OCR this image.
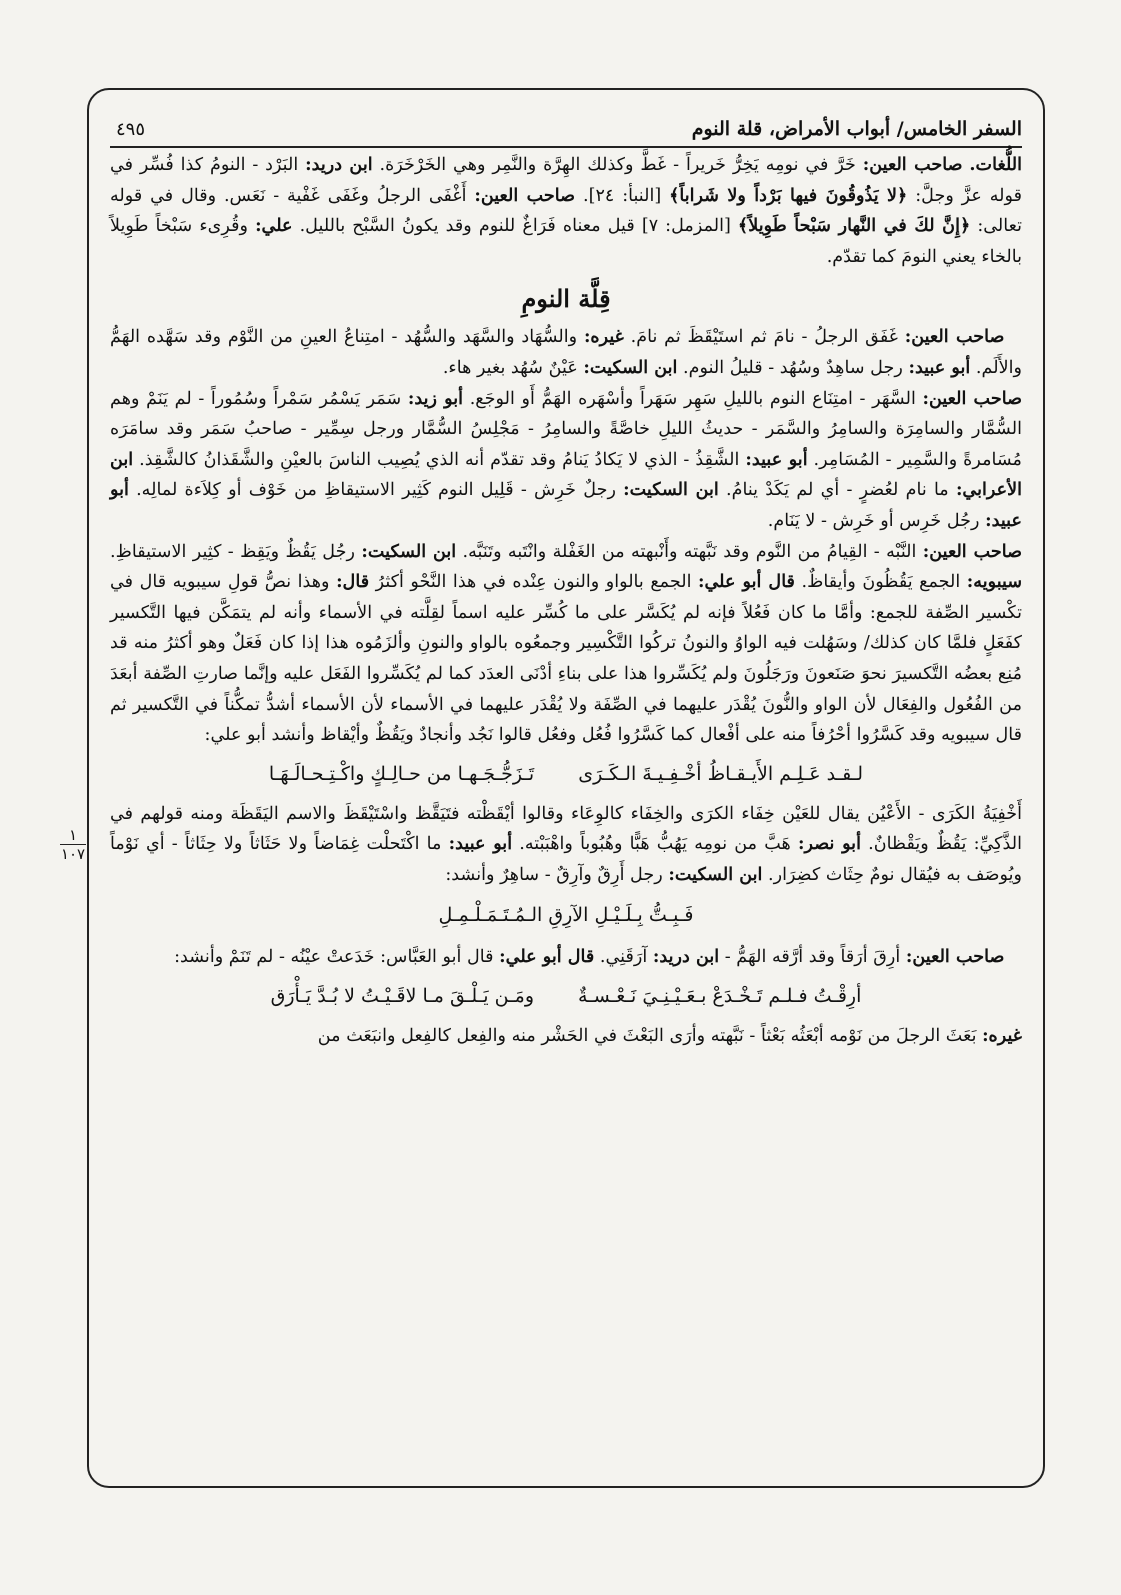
السفر الخامس/ أبواب الأمراض، قلة النوم
٤٩٥

اللُّغات. صاحب العين: خَرَّ في نومِه يَخِرُّ خَريراً - غَطَّ وكذلك الهِرَّة والنَّمِر وهي الخَرْخَرَة. ابن دريد: البَرْد - النومُ كذا فُسِّر في قوله عزَّ وجلَّ: ﴿لا يَذُوقُونَ فيها بَرْداً ولا شَراباً﴾ [النبأ: ٢٤]. صاحب العين: أَغْفَى الرجلُ وغَفَى غَفْية - نَعَس. وقال في قوله تعالى: ﴿إِنَّ لكَ في النَّهار سَبْحاً طَوِيلاً﴾ [المزمل: ٧] قيل معناه فَرَاغٌ للنوم وقد يكونُ السَّبْح بالليل. علي: وقُرِىء سَبْخاً طَوِيلاً بالخاء يعني النومَ كما تقدّم.

قِلَّة النومِ

 صاحب العين: غَفَق الرجلُ - نامَ ثم استَيْقَظَ ثم نامَ. غيره: والسُّهَاد والسَّهَد والسُّهُد - امتِناعُ العينِ من النَّوْم وقد سَهَّده الهَمُّ والأَلَم. أبو عبيد: رجل ساهِدٌ وسُهُد - قليلُ النوم. ابن السكيت: عَيْنٌ سُهُد بغير هاء.

صاحب العين: السَّهَر - امتِنَاع النوم بالليلِ سَهِر سَهَراً وأسْهَره الهَمُّ أَو الوجَع. أبو زيد: سَمَر يَسْمُر سَمْراً وسُمُوراً - لم يَنَمْ وهم السُّمَّار والسامِرَة والسامِرُ والسَّمَر - حديثُ الليلِ خاصَّةً والسامِرُ - مَجْلِسُ السُّمَّار ورجل سِمِّير - صاحبُ سَمَر وقد سامَرَه مُسَامرةً والسَّمِير - المُسَامِر. أبو عبيد: الشَّقِذُ - الذي لا يَكادُ يَنامُ وقد تقدّم أنه الذي يُصِيب الناسَ بالعيْنِ والشَّقَذانُ كالشَّقِذ. ابن الأعرابي: ما نام لعُضرٍ - أي لم يَكَدْ ينامُ. ابن السكيت: رجلٌ خَرِش - قَلِيل النوم كَثِير الاستيقاظِ من خَوْف أو كِلاَءة لمالِه. أبو عبيد: رجُل خَرِس أو خَرِش - لا يَنَام.

صاحب العين: النَّبْه - القِيامُ من النَّوم وقد نَبَّهته وأَنْبهته من الغَفْلة وانْتَبه وتَنَبَّه. ابن السكيت: رجُل يَقُظٌ ويَقِظ - كثِير الاستيقاظِ. سيبويه: الجمع يَقُظُونَ وأيقاظٌ. قال أبو علي: الجمع بالواو والنون عِنْده في هذا النَّحْو أكثرُ قال: وهذا نصُّ قولِ سيبويه قال في تكْسير الصِّفة للجمع: وأمَّا ما كان فَعُلاً فإنه لم يُكَسَّر على ما كُسِّر عليه اسماً لقِلَّته في الأسماء وأنه لم يتمَكَّن فيها التَّكسير كفَعَلٍ فلمَّا كان كذلك/ وسَهُلت فيه الواوُ والنونُ تركُوا التَّكْسِير وجمعُوه بالواو والنونِ وألزَمُوه هذا إذا كان فَعَلٌ وهو أكثرُ منه قد مُنِع بعضُه التَّكسيرَ نحوَ صَنَعونَ ورَجَلُونَ ولم يُكَسِّروا هذا على بناءِ أدْنَى العدَد كما لم يُكَسِّروا الفَعَل عليه وإنَّما صارتِ الصِّفة أبعَدَ من الفُعُول والفِعَال لأن الواو والنُّونَ يُقْدَر عليهما في الصِّفَة ولا يُقْدَر عليهما في الأسماء لأن الأسماء أشدُّ تمكُّناً في التَّكسير ثم قال سيبويه وقد كَسَّرُوا أحْرُفاً منه على أفْعال كما كَسَّرُوا فُعُل وفعُل قالوا نَجُد وأنجادٌ ويَقُظٌ وأيْقاظ وأنشد أبو علي:

لـقـد عَـلِـم الأَيـقـاظُ أخْـفِـيـةَ الـكَـرَى
تَـزَجُّـجَـهـا من حـالِـكٍ واكْـتِـحـالَـهَـا

أَخْفِيَةُ الكَرَى - الأَعْيُن يقال للعَيْن خِفَاء الكرَى والخِفَاء كالوِعَاء وقالوا أيْقَظْته فتَيَقَّظ واسْتَيْقَظَ والاسم اليَقَظَة ومنه قولهم في الذَّكِيِّ: يَقُظٌ ويَقْظانٌ. أبو نصر: هَبَّ من نومِه يَهُبُّ هَبًّا وهُبُوباً واهْبَبْته. أبو عبيد: ما اكْتَحلْت غِمَاضاً ولا حَثَاثاً ولا حِثَاثاً - أي نَوْماً ويُوصَف به فيُقال نومٌ حِثَاث كضِرَار. ابن السكيت: رجل أَرِقٌ وآرِقٌ - ساهِرٌ وأنشد:

فَـبِـتُّ بِـلَـيْـلِ الآرِقِ الـمُـتَـمَـلْـمِـلِ

 صاحب العين: أرِقَ أرَقاً وقد أرَّقه الهَمُّ - ابن دريد: آرَقَنِي. قال أبو علي: قال أبو العَبَّاس: خَدَعتْ عيْنُه - لم تَنَمْ وأنشد:

أرِقْـتُ فـلـم تَـخْـدَعْ بـعَـيْـنِـيَ نَـعْـسـةٌ
ومَـن يَـلْـقَ مـا لاقَـيْـتُ لا بُـدَّ يَـأْرَق

غيره: بَعَثَ الرجلَ من نَوْمه أبْعَثُه بَعْثاً - نَبَّهته وأرَى البَعْثَ في الحَشْر منه والفِعل كالفِعل وانبَعَث من

١
١٠٧
